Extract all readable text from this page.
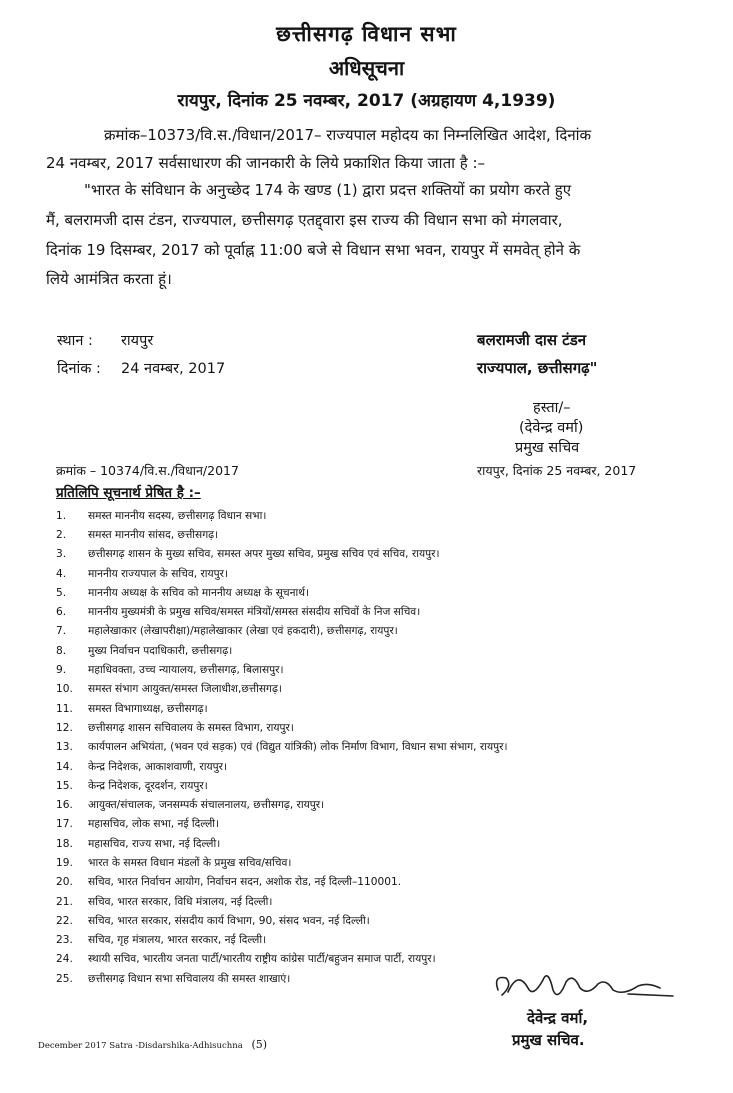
छत्तीसगढ़ विधान सभा
अधिसूचना
रायपुर, दिनांक 25 नवम्बर, 2017 (अग्रहायण 4,1939)
क्रमांक–10373/वि.स./विधान/2017– राज्यपाल महोदय का निम्नलिखित आदेश, दिनांक
24 नवम्बर, 2017 सर्वसाधारण की जानकारी के लिये प्रकाशित किया जाता है :–
"भारत के संविधान के अनुच्छेद 174 के खण्ड (1) द्वारा प्रदत्त शक्तियों का प्रयोग करते हुए
मैं, बलरामजी दास टंडन, राज्यपाल, छत्तीसगढ़ एतद्द्वारा इस राज्य की विधान सभा को मंगलवार,
दिनांक 19 दिसम्बर, 2017 को पूर्वाह्न 11:00 बजे से विधान सभा भवन, रायपुर में समवेत् होने के
लिये आमंत्रित करता हूं।
स्थान : रायपुर
दिनांक : 24 नवम्बर, 2017
बलरामजी दास टंडन
राज्यपाल, छत्तीसगढ़"
हस्ता/–
(देवेन्द्र वर्मा)
प्रमुख सचिव
क्रमांक – 10374/वि.स./विधान/2017	रायपुर, दिनांक 25 नवम्बर, 2017
प्रतिलिपि सूचनार्थ प्रेषित है :–
1.	समस्त माननीय सदस्य, छत्तीसगढ़ विधान सभा।
2.	समस्त माननीय सांसद, छत्तीसगढ़।
3.	छत्तीसगढ़ शासन के मुख्य सचिव, समस्त अपर मुख्य सचिव, प्रमुख सचिव एवं सचिव, रायपुर।
4.	माननीय राज्यपाल के सचिव, रायपुर।
5.	माननीय अध्यक्ष के सचिव को माननीय अध्यक्ष के सूचनार्थ।
6.	माननीय मुख्यमंत्री के प्रमुख सचिव/समस्त मंत्रियों/समस्त संसदीय सचिवों के निज सचिव।
7.	महालेखाकार (लेखापरीक्षा)/महालेखाकार (लेखा एवं हकदारी), छत्तीसगढ़, रायपुर।
8.	मुख्य निर्वाचन पदाधिकारी, छत्तीसगढ़।
9.	महाधिवक्ता, उच्च न्यायालय, छत्तीसगढ़, बिलासपुर।
10.	समस्त संभाग आयुक्त/समस्त जिलाधीश,छत्तीसगढ़।
11.	समस्त विभागाध्यक्ष, छत्तीसगढ़।
12.	छत्तीसगढ़ शासन सचिवालय के समस्त विभाग, रायपुर।
13.	कार्यपालन अभियंता, (भवन एवं सड़क) एवं (विद्युत यांत्रिकी) लोक निर्माण विभाग, विधान सभा संभाग, रायपुर।
14.	केन्द्र निदेशक, आकाशवाणी, रायपुर।
15.	केन्द्र निदेशक, दूरदर्शन, रायपुर।
16.	आयुक्त/संचालक, जनसम्पर्क संचालनालय, छत्तीसगढ़, रायपुर।
17.	महासचिव, लोक सभा, नई दिल्ली।
18.	महासचिव, राज्य सभा, नई दिल्ली।
19.	भारत के समस्त विधान मंडलों के प्रमुख सचिव/सचिव।
20.	सचिव, भारत निर्वाचन आयोग, निर्वाचन सदन, अशोक रोड, नई दिल्ली–110001.
21.	सचिव, भारत सरकार, विधि मंत्रालय, नई दिल्ली।
22.	सचिव, भारत सरकार, संसदीय कार्य विभाग, 90, संसद भवन, नई दिल्ली।
23.	सचिव, गृह मंत्रालय, भारत सरकार, नई दिल्ली।
24.	स्थायी सचिव, भारतीय जनता पार्टी/भारतीय राष्ट्रीय कांग्रेस पार्टी/बहुजन समाज पार्टी, रायपुर।
25.	छत्तीसगढ़ विधान सभा सचिवालय की समस्त शाखाएं।
देवेन्द्र वर्मा,
प्रमुख सचिव.
December 2017 Satra -Disdarshika-Adhisuchna (5)
